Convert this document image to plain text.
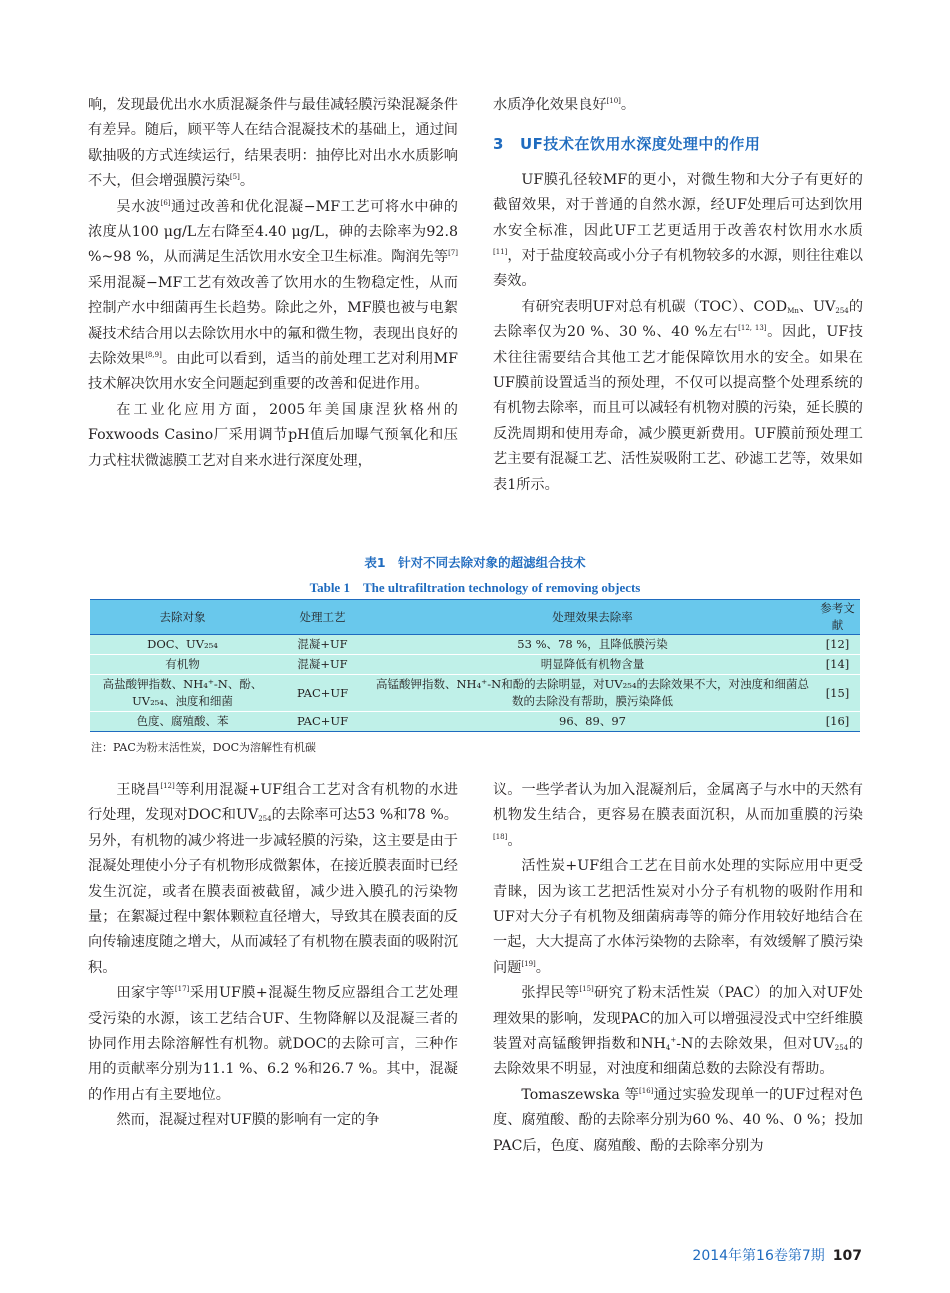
响，发现最优出水水质混凝条件与最佳减轻膜污染混凝条件有差异。随后，顾平等人在结合混凝技术的基础上，通过间歇抽吸的方式连续运行，结果表明：抽停比对出水水质影响不大，但会增强膜污染[5]。

吴水波[6]通过改善和优化混凝−MF工艺可将水中砷的浓度从100 μg/L左右降至4.40 μg/L，砷的去除率为92.8 %~98 %，从而满足生活饮用水安全卫生标准。陶润先等[7]采用混凝−MF工艺有效改善了饮用水的生物稳定性，从而控制产水中细菌再生长趋势。除此之外，MF膜也被与电絮凝技术结合用以去除饮用水中的氟和微生物，表现出良好的去除效果[8,9]。由此可以看到，适当的前处理工艺对利用MF技术解决饮用水安全问题起到重要的改善和促进作用。

在工业化应用方面，2005年美国康涅狄格州的Foxwoods Casino厂采用调节pH值后加曝气预氧化和压力式柱状微滤膜工艺对自来水进行深度处理，

水质净化效果良好[10]。

3 UF技术在饮用水深度处理中的作用

UF膜孔径较MF的更小，对微生物和大分子有更好的截留效果，对于普通的自然水源，经UF处理后可达到饮用水安全标准，因此UF工艺更适用于改善农村饮用水水质[11]，对于盐度较高或小分子有机物较多的水源，则往往难以奏效。

有研究表明UF对总有机碳（TOC）、$COD_{Mn}$、$UV_{254}$的去除率仅为20 %、30 %、40 %左右[12, 13]。因此，UF技术往往需要结合其他工艺才能保障饮用水的安全。如果在UF膜前设置适当的预处理，不仅可以提高整个处理系统的有机物去除率，而且可以减轻有机物对膜的污染，延长膜的反洗周期和使用寿命，减少膜更新费用。UF膜前预处理工艺主要有混凝工艺、活性炭吸附工艺、砂滤工艺等，效果如表1所示。

表1　针对不同去除对象的超滤组合技术
Table 1　The ultrafiltration technology of removing objects
去除对象	处理工艺	处理效果去除率	参考文献
DOC、UV₂₅₄	混凝+UF	53 %、78 %，且降低膜污染	[12]
有机物	混凝+UF	明显降低有机物含量	[14]
高盐酸钾指数、NH₄⁺-N、酚、UV₂₅₄、浊度和细菌	PAC+UF	高锰酸钾指数、NH₄⁺-N和酚的去除明显，对UV₂₅₄的去除效果不大，对浊度和细菌总数的去除没有帮助，膜污染降低	[15]
色度、腐殖酸、苯	PAC+UF	96、89、97	[16]
注：PAC为粉末活性炭，DOC为溶解性有机碳

王晓昌[12]等利用混凝+UF组合工艺对含有机物的水进行处理，发现对DOC和$UV_{254}$的去除率可达53 %和78 %。另外，有机物的减少将进一步减轻膜的污染，这主要是由于混凝处理使小分子有机物形成微絮体，在接近膜表面时已经发生沉淀，或者在膜表面被截留，减少进入膜孔的污染物量；在絮凝过程中絮体颗粒直径增大，导致其在膜表面的反向传输速度随之增大，从而减轻了有机物在膜表面的吸附沉积。

田家宇等[17]采用UF膜+混凝生物反应器组合工艺处理受污染的水源，该工艺结合UF、生物降解以及混凝三者的协同作用去除溶解性有机物。就DOC的去除可言，三种作用的贡献率分别为11.1 %、6.2 %和26.7 %。其中，混凝的作用占有主要地位。

然而，混凝过程对UF膜的影响有一定的争

议。一些学者认为加入混凝剂后，金属离子与水中的天然有机物发生结合，更容易在膜表面沉积，从而加重膜的污染[18]。

活性炭+UF组合工艺在目前水处理的实际应用中更受青睐，因为该工艺把活性炭对小分子有机物的吸附作用和UF对大分子有机物及细菌病毒等的筛分作用较好地结合在一起，大大提高了水体污染物的去除率，有效缓解了膜污染问题[19]。

张捍民等[15]研究了粉末活性炭（PAC）的加入对UF处理效果的影响，发现PAC的加入可以增强浸没式中空纤维膜装置对高锰酸钾指数和$NH_4^+-N$的去除效果，但对$UV_{254}$的去除效果不明显，对浊度和细菌总数的去除没有帮助。

Tomaszewska 等[16]通过实验发现单一的UF过程对色度、腐殖酸、酚的去除率分别为60 %、40 %、0 %；投加PAC后，色度、腐殖酸、酚的去除率分别为

2014年第16卷第7期 107
